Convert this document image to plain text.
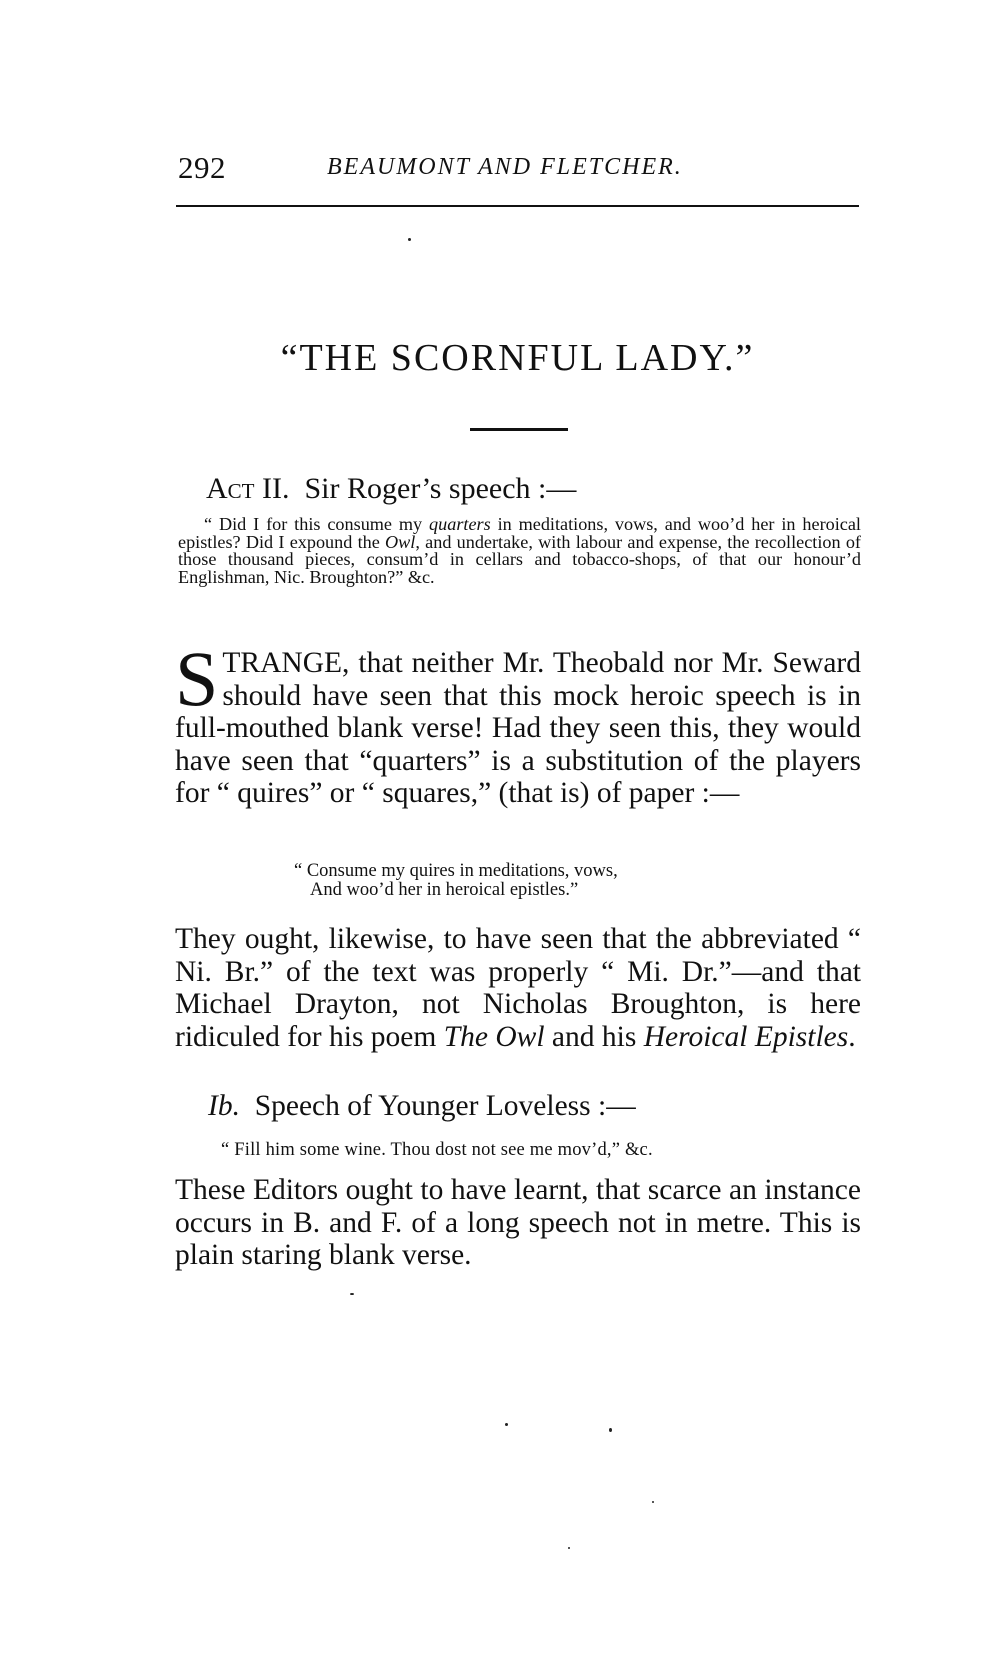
292	BEAUMONT AND FLETCHER.
“THE SCORNFUL LADY.”
Act II. Sir Roger’s speech :—
“ Did I for this consume my quarters in meditations, vows, and woo’d her in heroical epistles? Did I expound the Owl, and undertake, with labour and expense, the recollection of those thousand pieces, consum’d in cellars and tobacco-shops, of that our honour’d Englishman, Nic. Broughton?” &c.
STRANGE, that neither Mr. Theobald nor Mr. Seward should have seen that this mock heroic speech is in full-mouthed blank verse! Had they seen this, they would have seen that “quarters” is a substitution of the players for “ quires” or “ squares,” (that is) of paper :—
“ Consume my quires in meditations, vows,
And woo’d her in heroical epistles.”
They ought, likewise, to have seen that the abbreviated “ Ni. Br.” of the text was properly “ Mi. Dr.”—and that Michael Drayton, not Nicholas Broughton, is here ridiculed for his poem The Owl and his Heroical Epistles.
Ib. Speech of Younger Loveless :—
“ Fill him some wine. Thou dost not see me mov’d,” &c.
These Editors ought to have learnt, that scarce an instance occurs in B. and F. of a long speech not in metre. This is plain staring blank verse.
